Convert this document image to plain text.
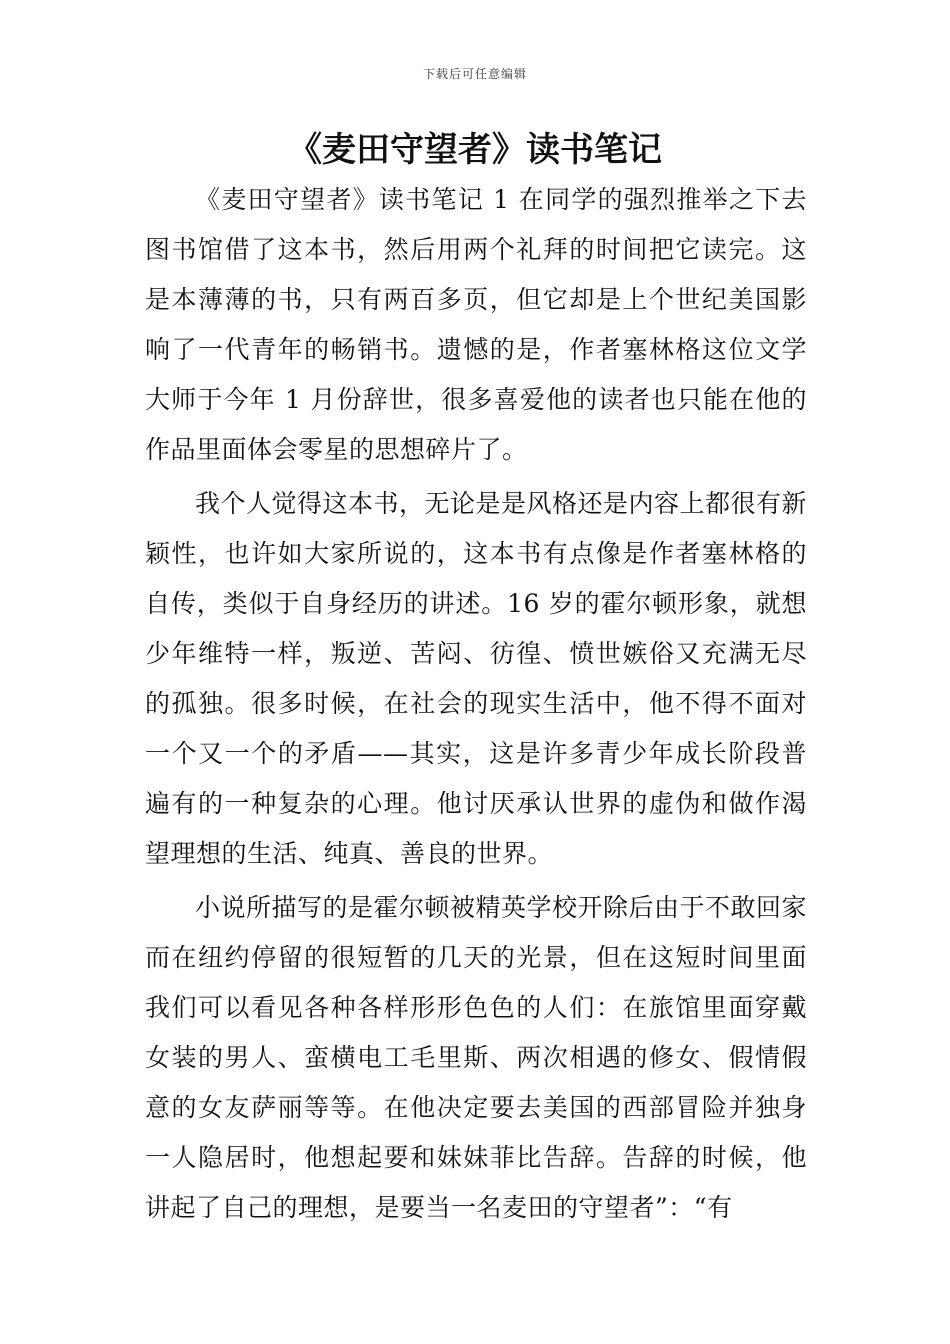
下载后可任意编辑
《麦田守望者》读书笔记

《麦田守望者》读书笔记 1 在同学的强烈推举之下去图书馆借了这本书，然后用两个礼拜的时间把它读完。这是本薄薄的书，只有两百多页，但它却是上个世纪美国影响了一代青年的畅销书。遗憾的是，作者塞林格这位文学大师于今年 1 月份辞世，很多喜爱他的读者也只能在他的作品里面体会零星的思想碎片了。

我个人觉得这本书，无论是是风格还是内容上都很有新颖性，也许如大家所说的，这本书有点像是作者塞林格的自传，类似于自身经历的讲述。16 岁的霍尔顿形象，就想少年维特一样，叛逆、苦闷、彷徨、愤世嫉俗又充满无尽的孤独。很多时候，在社会的现实生活中，他不得不面对一个又一个的矛盾——其实，这是许多青少年成长阶段普遍有的一种复杂的心理。他讨厌承认世界的虚伪和做作渴望理想的生活、纯真、善良的世界。

小说所描写的是霍尔顿被精英学校开除后由于不敢回家而在纽约停留的很短暂的几天的光景，但在这短时间里面我们可以看见各种各样形形色色的人们：在旅馆里面穿戴女装的男人、蛮横电工毛里斯、两次相遇的修女、假情假意的女友萨丽等等。在他决定要去美国的西部冒险并独身一人隐居时，他想起要和妹妹菲比告辞。告辞的时候，他讲起了自己的理想，是要当一名麦田的守望者”：“有
